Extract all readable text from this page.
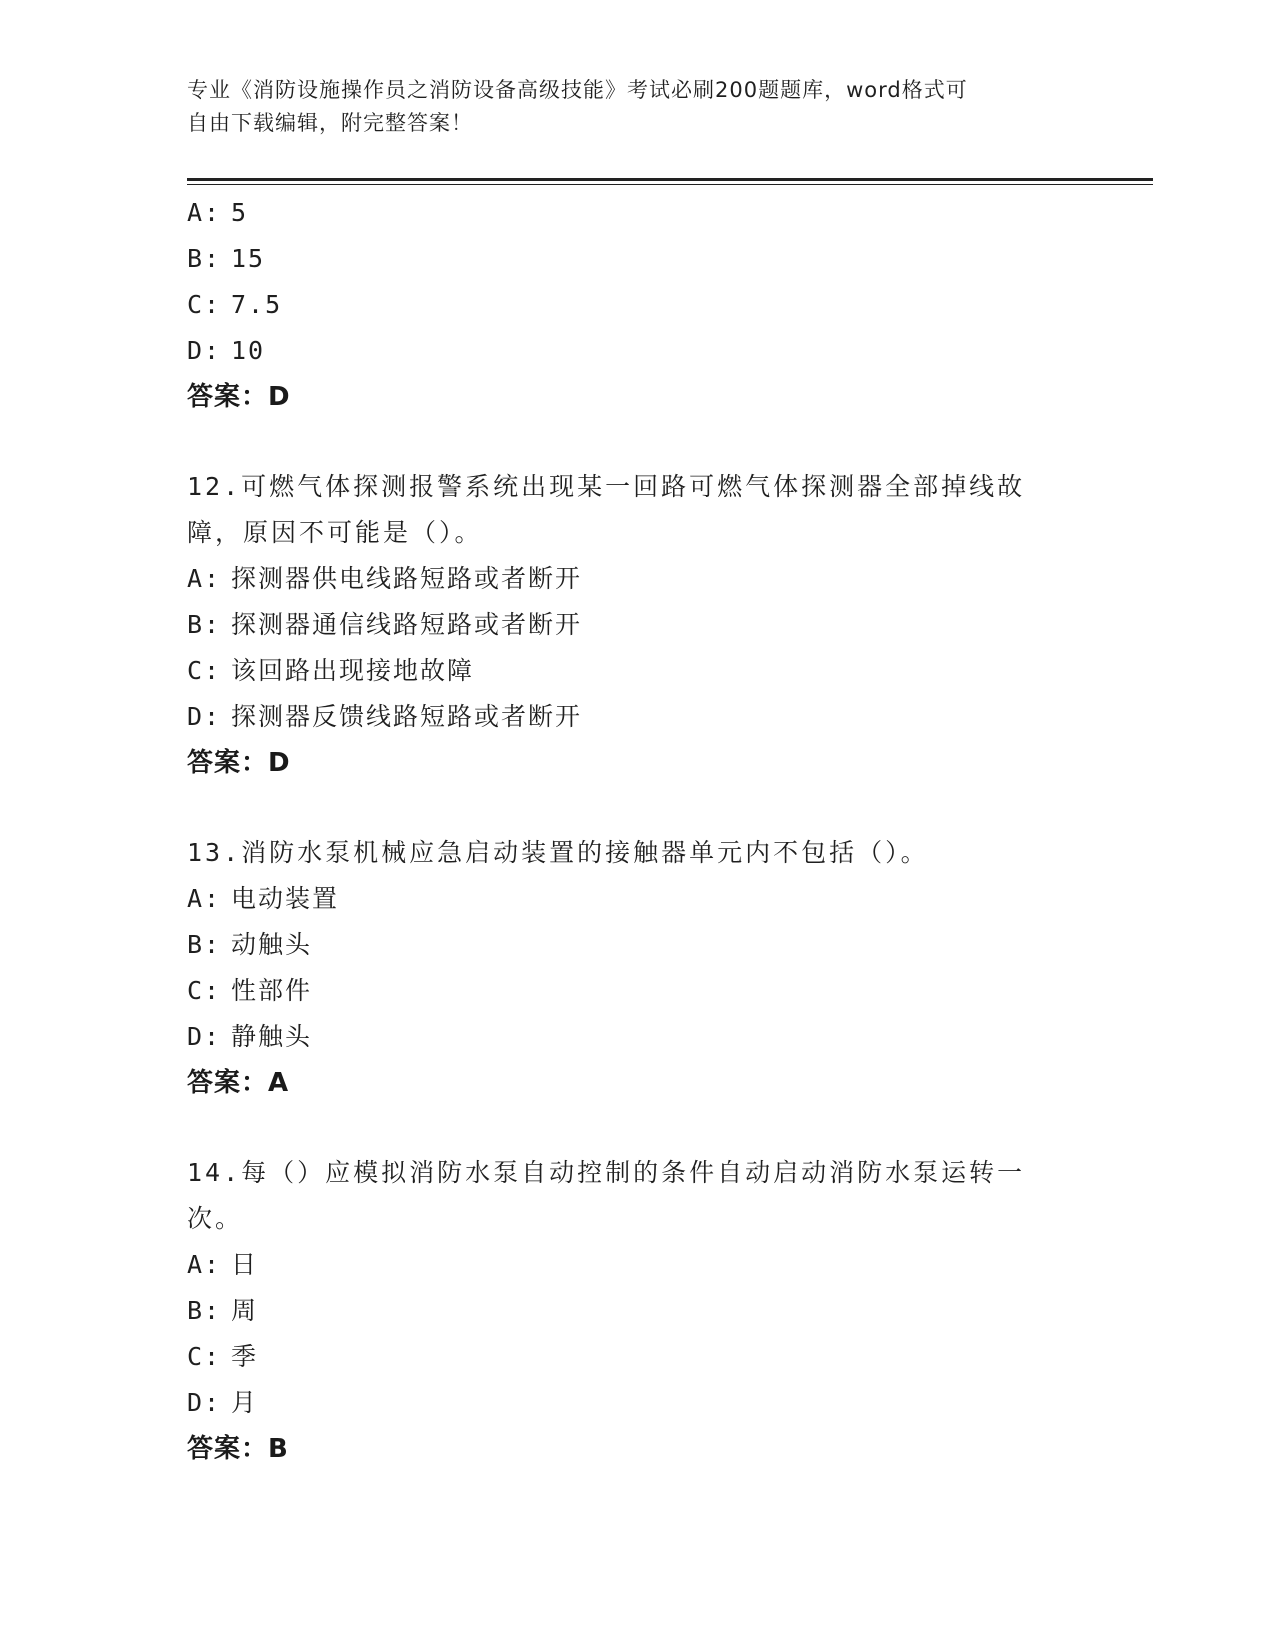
专业《消防设施操作员之消防设备高级技能》考试必刷200题题库，word格式可
自由下载编辑，附完整答案！
A: 5
B: 15
C: 7.5
D: 10
答案：D
12.可燃气体探测报警系统出现某一回路可燃气体探测器全部掉线故障，原因不可能是（）。
A: 探测器供电线路短路或者断开
B: 探测器通信线路短路或者断开
C: 该回路出现接地故障
D: 探测器反馈线路短路或者断开
答案：D
13.消防水泵机械应急启动装置的接触器单元内不包括（）。
A: 电动装置
B: 动触头
C: 性部件
D: 静触头
答案：A
14.每（）应模拟消防水泵自动控制的条件自动启动消防水泵运转一次。
A: 日
B: 周
C: 季
D: 月
答案：B
